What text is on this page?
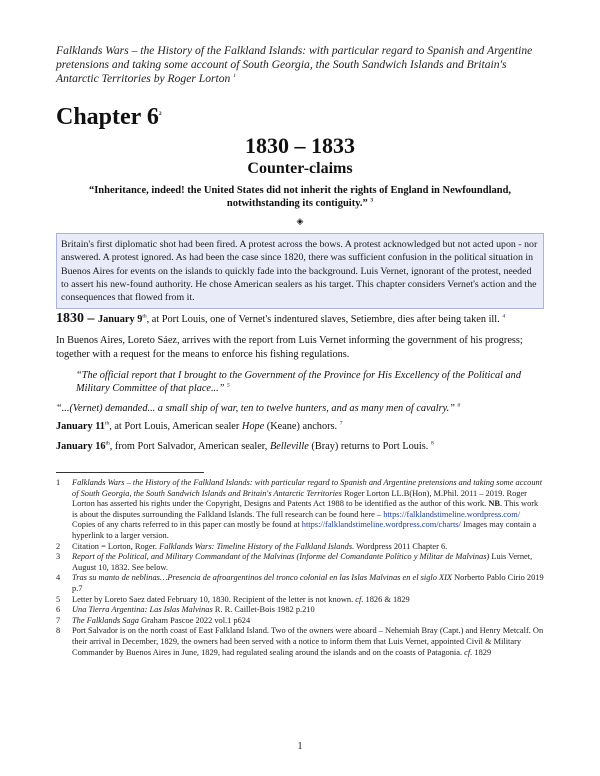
Falklands Wars – the History of the Falkland Islands: with particular regard to Spanish and Argentine pretensions and taking some account of South Georgia, the South Sandwich Islands and Britain's Antarctic Territories by Roger Lorton $^1$
Chapter $6^2$
1830 – 1833
Counter-claims
“Inheritance, indeed! the United States did not inherit the rights of England in Newfoundland, notwithstanding its contiguity.” $^3$
◈
Britain's first diplomatic shot had been fired. A protest across the bows. A protest acknowledged but not acted upon - nor answered. A protest ignored. As had been the case since 1820, there was sufficient confusion in the political situation in Buenos Aires for events on the islands to quickly fade into the background. Luis Vernet, ignorant of the protest, needed to assert his new-found authority. He chose American sealers as his target. This chapter considers Vernet's action and the consequences that flowed from it.
1830 – January 9th, at Port Louis, one of Vernet's indentured slaves, Setiembre, dies after being taken ill. $^4$
In Buenos Aires, Loreto Sáez, arrives with the report from Luis Vernet informing the government of his progress; together with a request for the means to enforce his fishing regulations.
“The official report that I brought to the Government of the Province for His Excellency of the Political and Military Committee of that place...” $^5$
“...(Vernet) demanded... a small ship of war, ten to twelve hunters, and as many men of cavalry.” $^6$
January 11th, at Port Louis, American sealer Hope (Keane) anchors. $^7$
January 16th, from Port Salvador, American sealer, Belleville (Bray) returns to Port Louis. $^8$
1 Falklands Wars – the History of the Falkland Islands: with particular regard to Spanish and Argentine pretensions and taking some account of South Georgia, the South Sandwich Islands and Britain's Antarctic Territories Roger Lorton LL.B(Hon), M.Phil. 2011 – 2019. Roger Lorton has asserted his rights under the Copyright, Designs and Patents Act 1988 to be identified as the author of this work. NB. This work is about the disputes surrounding the Falkland Islands. The full research can be found here – https://falklandstimeline.wordpress.com/ Copies of any charts referred to in this paper can mostly be found at https://falklandstimeline.wordpress.com/charts/ Images may contain a hyperlink to a larger version.
2 Citation = Lorton, Roger. Falklands Wars: Timeline History of the Falkland Islands. Wordpress 2011 Chapter 6.
3 Report of the Political, and Military Commandant of the Malvinas (Informe del Comandante Político y Militar de Malvinas) Luis Vernet, August 10, 1832. See below.
4 Tras su manto de neblinas…Presencia de afroargentinos del tronco colonial en las Islas Malvinas en el siglo XIX Norberto Pablo Cirio 2019 p.7
5 Letter by Loreto Saez dated February 10, 1830. Recipient of the letter is not known. cf. 1826 & 1829
6 Una Tierra Argentina: Las Islas Malvinas R. R. Caillet-Bois 1982 p.210
7 The Falklands Saga Graham Pascoe 2022 vol.1 p624
8 Port Salvador is on the north coast of East Falkland Island. Two of the owners were aboard – Nehemiah Bray (Capt.) and Henry Metcalf. On their arrival in December, 1829, the owners had been served with a notice to inform them that Luis Vernet, appointed Civil & Military Commander by Buenos Aires in June, 1829, had regulated sealing around the islands and on the coasts of Patagonia. cf. 1829
1
